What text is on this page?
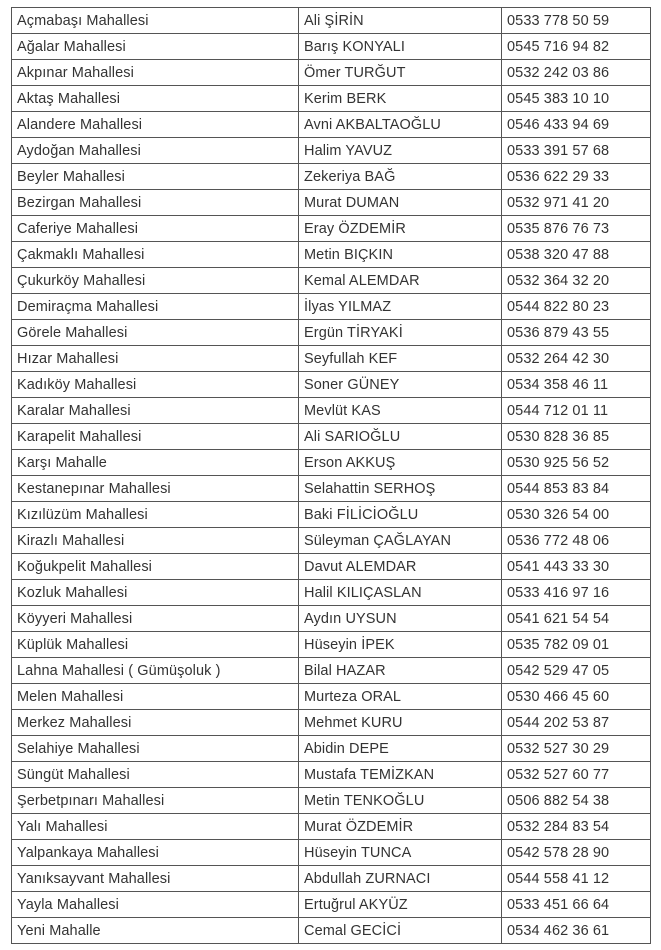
Açmabaşı Mahallesi	Ali ŞİRİN	0533 778 50 59
Ağalar Mahallesi	Barış KONYALI	0545 716 94 82
Akpınar Mahallesi	Ömer TURĞUT	0532 242 03 86
Aktaş Mahallesi	Kerim BERK	0545 383 10 10
Alandere Mahallesi	Avni AKBALTAOĞLU	0546 433 94 69
Aydoğan Mahallesi	Halim YAVUZ	0533 391 57 68
Beyler Mahallesi	Zekeriya BAĞ	0536 622 29 33
Bezirgan Mahallesi	Murat DUMAN	0532 971 41 20
Caferiye Mahallesi	Eray ÖZDEMİR	0535 876 76 73
Çakmaklı Mahallesi	Metin BIÇKIN	0538 320 47 88
Çukurköy Mahallesi	Kemal ALEMDAR	0532 364 32 20
Demiraçma Mahallesi	İlyas YILMAZ	0544 822 80 23
Görele Mahallesi	Ergün TİRYAKİ	0536 879 43 55
Hızar Mahallesi	Seyfullah KEF	0532 264 42 30
Kadıköy Mahallesi	Soner GÜNEY	0534 358 46 11
Karalar Mahallesi	Mevlüt KAS	0544 712 01 11
Karapelit Mahallesi	Ali SARIOĞLU	0530 828 36 85
Karşı Mahalle	Erson AKKUŞ	0530 925 56 52
Kestanepınar Mahallesi	Selahattin SERHOŞ	0544 853 83 84
Kızılüzüm Mahallesi	Baki FİLİCİOĞLU	0530 326 54 00
Kirazlı Mahallesi	Süleyman ÇAĞLAYAN	0536 772 48 06
Koğukpelit Mahallesi	Davut ALEMDAR	0541 443 33 30
Kozluk Mahallesi	Halil KILIÇASLAN	0533 416 97 16
Köyyeri Mahallesi	Aydın UYSUN	0541 621 54 54
Küplük Mahallesi	Hüseyin İPEK	0535 782 09 01
Lahna Mahallesi ( Gümüşoluk )	Bilal HAZAR	0542 529 47 05
Melen Mahallesi	Murteza ORAL	0530 466 45 60
Merkez Mahallesi	Mehmet KURU	0544 202 53 87
Selahiye Mahallesi	Abidin DEPE	0532 527 30 29
Süngüt Mahallesi	Mustafa TEMİZKAN	0532 527 60 77
Şerbetpınarı Mahallesi	Metin TENKOĞLU	0506 882 54 38
Yalı Mahallesi	Murat ÖZDEMİR	0532 284 83 54
Yalpankaya Mahallesi	Hüseyin TUNCA	0542 578 28 90
Yanıksayvant Mahallesi	Abdullah ZURNACI	0544 558 41 12
Yayla Mahallesi	Ertuğrul AKYÜZ	0533 451 66 64
Yeni Mahalle	Cemal GECİCİ	0534 462 36 61
